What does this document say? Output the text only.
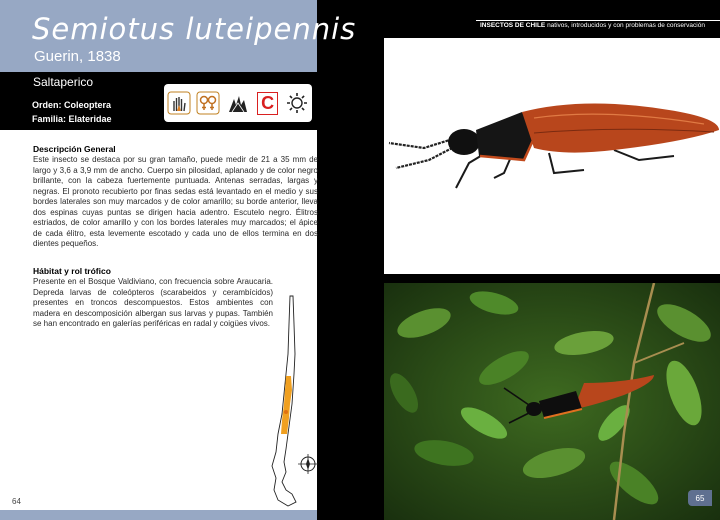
Semiotus luteipennis
Guerin, 1838
Saltaperico
Orden: Coleoptera
Familia: Elateridae
C
Descripción General
Este insecto se destaca por su gran tamaño, puede medir de 21 a 35 mm de largo y 3,6 a 3,9 mm de ancho. Cuerpo sin pilosidad, aplanado y de color negro brillante, con la cabeza fuertemente puntuada. Antenas serradas, largas y negras. El pronoto recubierto por finas sedas está levantado en el medio y sus bordes laterales son muy marcados y de color amarillo; su borde anterior, lleva dos espinas cuyas puntas se dirigen hacia adentro. Escutelo negro. Élitros estriados, de color amarillo y con los bordes laterales muy marcados; el ápice de cada élitro, esta levemente escotado y cada uno de ellos termina en dos dientes pequeños.
Hábitat y rol trófico
Presente en el Bosque Valdiviano, con frecuencia sobre Araucaria. Depreda larvas de coleópteros (scarabeidos y cerambícidos) presentes en troncos descompuestos. Estos ambientes con madera en descomposición albergan sus larvas y pupas. También se han encontrado en galerías periféricas en radal y coigües vivos.
64
INSECTOS DE CHILE nativos, introducidos y con problemas de conservación
65
